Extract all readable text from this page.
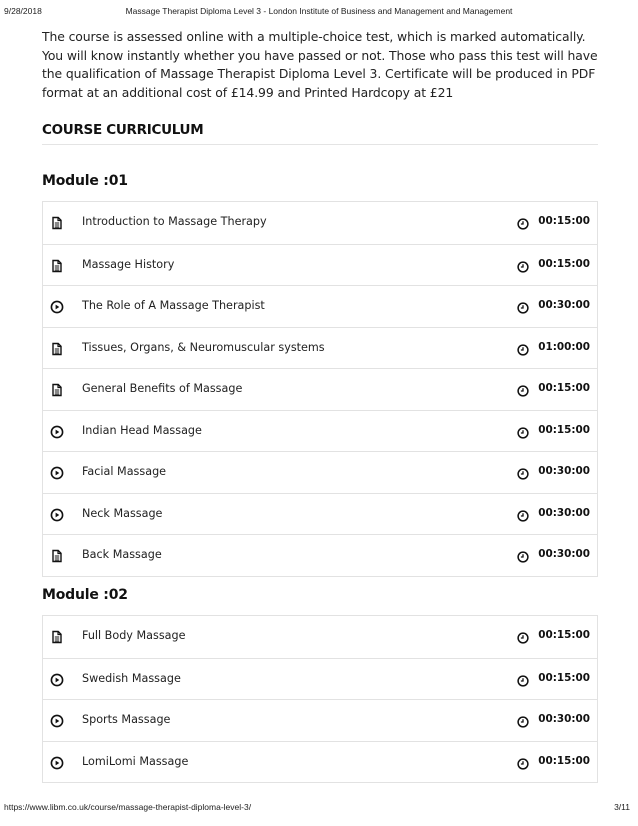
9/28/2018	Massage Therapist Diploma Level 3 - London Institute of Business and Management and Management

The course is assessed online with a multiple-choice test, which is marked automatically. You will know instantly whether you have passed or not. Those who pass this test will have the qualification of Massage Therapist Diploma Level 3. Certificate will be produced in PDF format at an additional cost of £14.99 and Printed Hardcopy at £21

COURSE CURRICULUM
Module :01
Introduction to Massage Therapy	00:15:00
Massage History	00:15:00
The Role of A Massage Therapist	00:30:00
Tissues, Organs, & Neuromuscular systems	01:00:00
General Benefits of Massage	00:15:00
Indian Head Massage	00:15:00
Facial Massage	00:30:00
Neck Massage	00:30:00
Back Massage	00:30:00
Module :02
Full Body Massage	00:15:00
Swedish Massage	00:15:00
Sports Massage	00:30:00
LomiLomi Massage	00:15:00
https://www.libm.co.uk/course/massage-therapist-diploma-level-3/	3/11
